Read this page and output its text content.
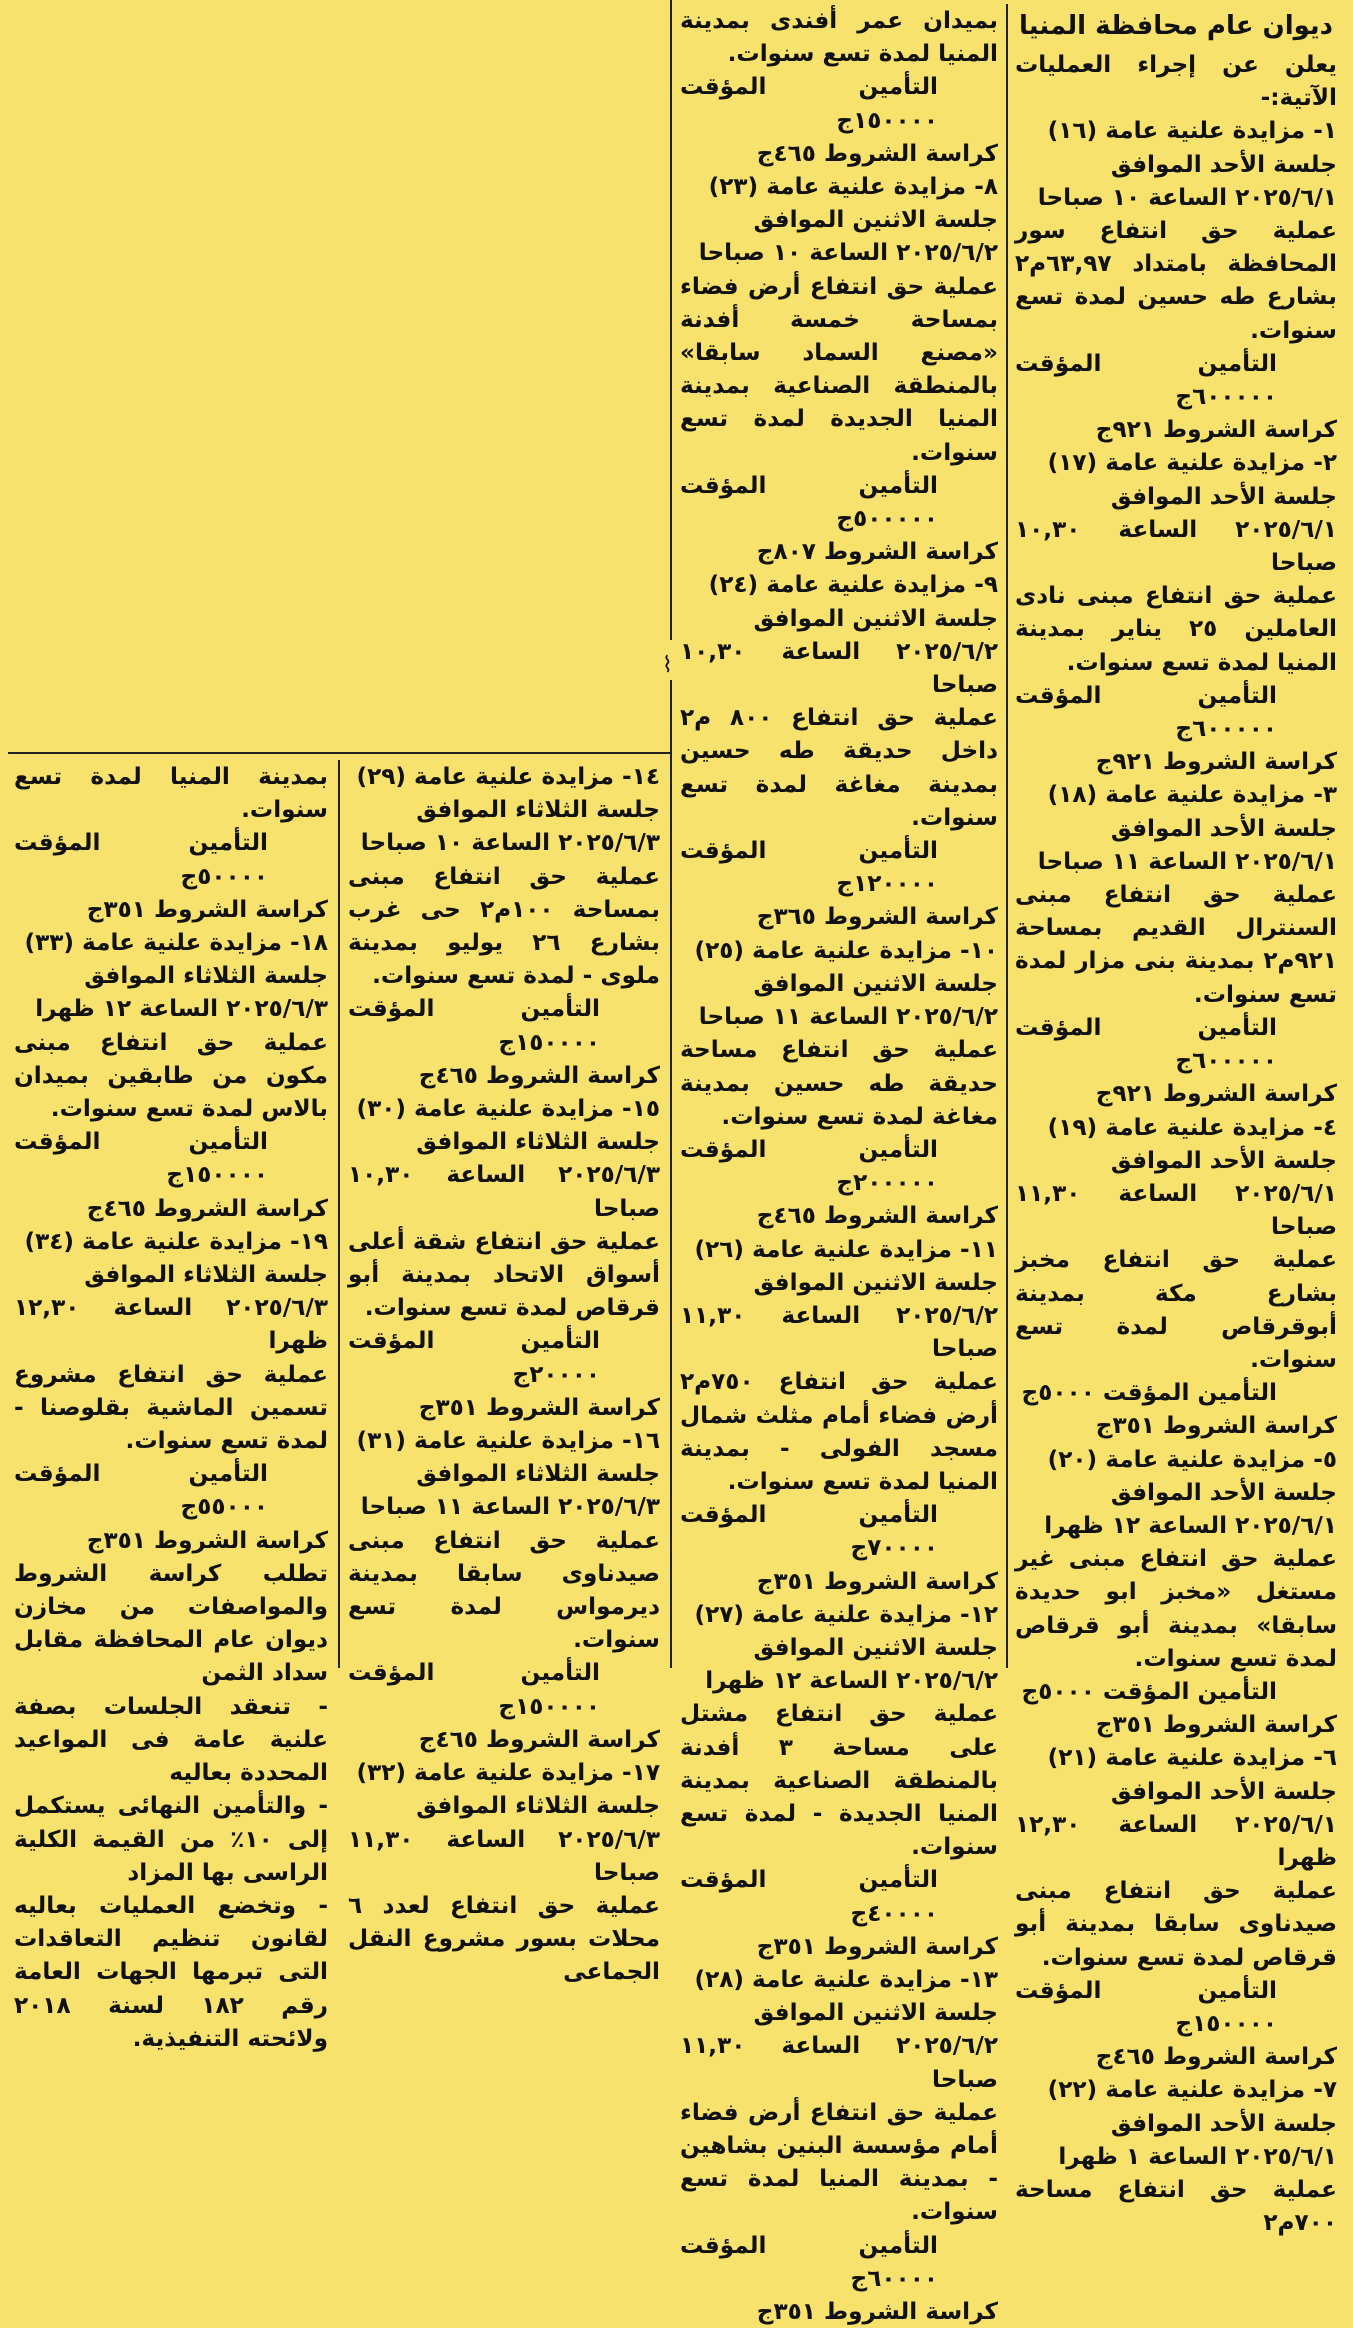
ديوان عام محافظة المنيا

يعلن عن إجراء العمليات الآتية:-

١- مزايدة علنية عامة (١٦)

جلسة الأحد الموافق

٢٠٢٥/٦/١ الساعة ١٠ صباحا

عملية حق انتفاع سور المحافظة بامتداد ٦٣,٩٧م٢ بشارع طه حسين لمدة تسع سنوات.

التأمين المؤقت ٦٠٠٠٠٠ج

كراسة الشروط ٩٢١ج

٢- مزايدة علنية عامة (١٧)

جلسة الأحد الموافق

٢٠٢٥/٦/١ الساعة ١٠,٣٠ صباحا

عملية حق انتفاع مبنى نادى العاملين ٢٥ يناير بمدينة المنيا لمدة تسع سنوات.

التأمين المؤقت ٦٠٠٠٠٠ج

كراسة الشروط ٩٢١ج

٣- مزايدة علنية عامة (١٨)

جلسة الأحد الموافق

٢٠٢٥/٦/١ الساعة ١١ صباحا

عملية حق انتفاع مبنى السنترال القديم بمساحة ٩٢١م٢ بمدينة بنى مزار لمدة تسع سنوات.

التأمين المؤقت ٦٠٠٠٠٠ج

كراسة الشروط ٩٢١ج

٤- مزايدة علنية عامة (١٩)

جلسة الأحد الموافق

٢٠٢٥/٦/١ الساعة ١١,٣٠ صباحا

عملية حق انتفاع مخبز بشارع مكة بمدينة أبوقرقاص لمدة تسع سنوات.

التأمين المؤقت ٥٠٠٠ج

كراسة الشروط ٣٥١ج

٥- مزايدة علنية عامة (٢٠)

جلسة الأحد الموافق

٢٠٢٥/٦/١ الساعة ١٢ ظهرا

عملية حق انتفاع مبنى غير مستغل «مخبز ابو حديدة سابقا» بمدينة أبو قرقاص لمدة تسع سنوات.

التأمين المؤقت ٥٠٠٠ج

كراسة الشروط ٣٥١ج

٦- مزايدة علنية عامة (٢١)

جلسة الأحد الموافق

٢٠٢٥/٦/١ الساعة ١٢,٣٠ ظهرا

عملية حق انتفاع مبنى صيدناوى سابقا بمدينة أبو قرقاص لمدة تسع سنوات.

التأمين المؤقت ١٥٠٠٠٠ج

كراسة الشروط ٤٦٥ج

٧- مزايدة علنية عامة (٢٢)

جلسة الأحد الموافق

٢٠٢٥/٦/١ الساعة ١ ظهرا

عملية حق انتفاع مساحة ٧٠٠م٢

بميدان عمر أفندى بمدينة المنيا لمدة تسع سنوات.

التأمين المؤقت ١٥٠٠٠٠ج

كراسة الشروط ٤٦٥ج

٨- مزايدة علنية عامة (٢٣)

جلسة الاثنين الموافق

٢٠٢٥/٦/٢ الساعة ١٠ صباحا

عملية حق انتفاع أرض فضاء بمساحة خمسة أفدنة «مصنع السماد سابقا» بالمنطقة الصناعية بمدينة المنيا الجديدة لمدة تسع سنوات.

التأمين المؤقت ٥٠٠٠٠٠ج

كراسة الشروط ٨٠٧ج

٩- مزايدة علنية عامة (٢٤)

جلسة الاثنين الموافق

٢٠٢٥/٦/٢ الساعة ١٠,٣٠ صباحا

عملية حق انتفاع ٨٠٠ م٢ داخل حديقة طه حسين بمدينة مغاغة لمدة تسع سنوات.

التأمين المؤقت ١٢٠٠٠٠ج

كراسة الشروط ٣٦٥ج

١٠- مزايدة علنية عامة (٢٥)

جلسة الاثنين الموافق

٢٠٢٥/٦/٢ الساعة ١١ صباحا

عملية حق انتفاع مساحة حديقة طه حسين بمدينة مغاغة لمدة تسع سنوات.

التأمين المؤقت ٢٠٠٠٠٠ج

كراسة الشروط ٤٦٥ج

١١- مزايدة علنية عامة (٢٦)

جلسة الاثنين الموافق

٢٠٢٥/٦/٢ الساعة ١١,٣٠ صباحا

عملية حق انتفاع ٧٥٠م٢ أرض فضاء أمام مثلث شمال مسجد الفولى - بمدينة المنيا لمدة تسع سنوات.

التأمين المؤقت ٧٠٠٠٠ج

كراسة الشروط ٣٥١ج

١٢- مزايدة علنية عامة (٢٧)

جلسة الاثنين الموافق

٢٠٢٥/٦/٢ الساعة ١٢ ظهرا

عملية حق انتفاع مشتل على مساحة ٣ أفدنة بالمنطقة الصناعية بمدينة المنيا الجديدة - لمدة تسع سنوات.

التأمين المؤقت ٤٠٠٠٠ج

كراسة الشروط ٣٥١ج

١٣- مزايدة علنية عامة (٢٨)

جلسة الاثنين الموافق

٢٠٢٥/٦/٢ الساعة ١١,٣٠ صباحا

عملية حق انتفاع أرض فضاء أمام مؤسسة البنين بشاهين - بمدينة المنيا لمدة تسع سنوات.

التأمين المؤقت ٦٠٠٠٠ج

كراسة الشروط ٣٥١ج

⌇

١٤- مزايدة علنية عامة (٢٩)

جلسة الثلاثاء الموافق

٢٠٢٥/٦/٣ الساعة ١٠ صباحا

عملية حق انتفاع مبنى بمساحة ١٠٠م٢ حى غرب بشارع ٢٦ يوليو بمدينة ملوى - لمدة تسع سنوات.

التأمين المؤقت ١٥٠٠٠٠ج

كراسة الشروط ٤٦٥ج

١٥- مزايدة علنية عامة (٣٠)

جلسة الثلاثاء الموافق

٢٠٢٥/٦/٣ الساعة ١٠,٣٠ صباحا

عملية حق انتفاع شقة أعلى أسواق الاتحاد بمدينة أبو قرقاص لمدة تسع سنوات.

التأمين المؤقت ٢٠٠٠٠ج

كراسة الشروط ٣٥١ج

١٦- مزايدة علنية عامة (٣١)

جلسة الثلاثاء الموافق

٢٠٢٥/٦/٣ الساعة ١١ صباحا

عملية حق انتفاع مبنى صيدناوى سابقا بمدينة ديرمواس لمدة تسع سنوات.

التأمين المؤقت ١٥٠٠٠٠ج

كراسة الشروط ٤٦٥ج

١٧- مزايدة علنية عامة (٣٢)

جلسة الثلاثاء الموافق

٢٠٢٥/٦/٣ الساعة ١١,٣٠ صباحا

عملية حق انتفاع لعدد ٦ محلات بسور مشروع النقل الجماعى

بمدينة المنيا لمدة تسع سنوات.

التأمين المؤقت ٥٠٠٠٠ج

كراسة الشروط ٣٥١ج

١٨- مزايدة علنية عامة (٣٣)

جلسة الثلاثاء الموافق

٢٠٢٥/٦/٣ الساعة ١٢ ظهرا

عملية حق انتفاع مبنى مكون من طابقين بميدان بالاس لمدة تسع سنوات.

التأمين المؤقت ١٥٠٠٠٠ج

كراسة الشروط ٤٦٥ج

١٩- مزايدة علنية عامة (٣٤)

جلسة الثلاثاء الموافق

٢٠٢٥/٦/٣ الساعة ١٢,٣٠ ظهرا

عملية حق انتفاع مشروع تسمين الماشية بقلوصنا - لمدة تسع سنوات.

التأمين المؤقت ٥٥٠٠٠ج

كراسة الشروط ٣٥١ج

تطلب كراسة الشروط والمواصفات من مخازن ديوان عام المحافظة مقابل سداد الثمن

- تنعقد الجلسات بصفة علنية عامة فى المواعيد المحددة بعاليه

- والتأمين النهائى يستكمل إلى ١٠٪ من القيمة الكلية الراسى بها المزاد

- وتخضع العمليات بعاليه لقانون تنظيم التعاقدات التى تبرمها الجهات العامة رقم ١٨٢ لسنة ٢٠١٨ ولائحته التنفيذية.
